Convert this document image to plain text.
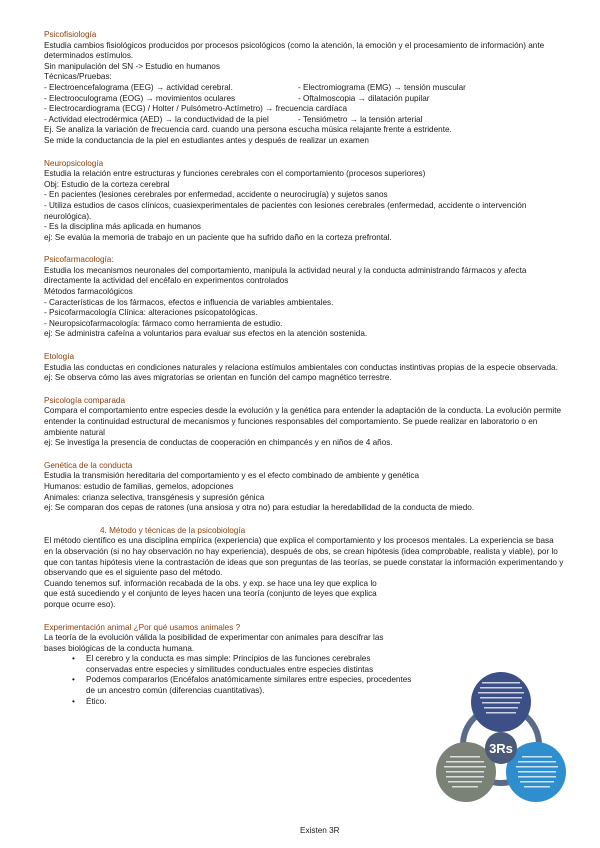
Psicofisiología
Estudia cambios fisiológicos producidos por procesos psicológicos (como la atención, la emoción y el procesamiento de información) ante determinados estímulos.
Sin manipulación del SN -> Estudio en humanos
Técnicas/Pruebas:
- Electroencefalograma (EEG) → actividad cerebral.	- Electromiograma (EMG) → tensión muscular
- Electrooculograma (EOG) → movimientos oculares	- Oftalmoscopia → dilatación pupilar
- Electrocardiograma (ECG) / Holter / Pulsómetro-Actímetro) → frecuencia cardíaca
- Actividad electrodérmica (AED) → la conductividad de la piel	- Tensiómetro → la tensión arterial
Ej. Se analiza la variación de frecuencia card. cuando una persona escucha música relajante frente a estridente.
Se mide la conductancia de la piel en estudiantes antes y después de realizar un examen
Neuropsicología
Estudia la relación entre estructuras y funciones cerebrales con el comportamiento (procesos superiores)
Obj: Estudio de la corteza cerebral
- En pacientes (lesiones cerebrales por enfermedad, accidente o neurocirugía) y sujetos sanos
- Utiliza estudios de casos clínicos, cuasiexperimentales de pacientes con lesiones cerebrales (enfermedad, accidente o intervención neurológica).
- Es la disciplina más aplicada en humanos
ej: Se evalúa la memoria de trabajo en un paciente que ha sufrido daño en la corteza prefrontal.
Psicofarmacología:
Estudia los mecanismos neuronales del comportamiento, manipula la actividad neural y la conducta administrando fármacos y afecta directamente la actividad del encéfalo en experimentos controlados
Métodos farmacológicos
- Características de los fármacos, efectos e influencia de variables ambientales.
- Psicofarmacología Clínica: alteraciones psicopatológicas.
- Neuropsicofarmacología: fármaco como herramienta de estudio.
ej: Se administra cafeína a voluntarios para evaluar sus efectos en la atención sostenida.
Etología
Estudia las conductas en condiciones naturales y relaciona estímulos ambientales con conductas instintivas propias de la especie observada.
ej: Se observa cómo las aves migratorias se orientan en función del campo magnético terrestre.
Psicología comparada
Compara el comportamiento entre especies desde la evolución y la genética para entender la adaptación de la conducta. La evolución permite entender la continuidad estructural de mecanismos y funciones responsables del comportamiento. Se puede realizar en laboratorio o en ambiente natural
ej: Se investiga la presencia de conductas de cooperación en chimpancés y en niños de 4 años.
Genética de la conducta
Estudia la transmisión hereditaria del comportamiento y es el efecto combinado de ambiente y genética
Humanos: estudio de familias, gemelos, adopciones
Animales: crianza selectiva, transgénesis y supresión génica
ej: Se comparan dos cepas de ratones (una ansiosa y otra no) para estudiar la heredabilidad de la conducta de miedo.
4. Método y técnicas de la psicobiología
El método científico es una disciplina empírica (experiencia) que explica el comportamiento y los procesos mentales. La experiencia se basa en la observación (si no hay observación no hay experiencia), después de obs, se crean hipótesis (idea comprobable, realista y viable), por lo que con tantas hipótesis viene la contrastación de ideas que son preguntas de las teorías, se puede constatar la información experimentando y observando que es el siguiente paso del método.
Cuando tenemos suf. información recabada de la obs. y exp. se hace una ley que explica lo que está sucediendo y el conjunto de leyes hacen una teoría (conjunto de leyes que explica porque ocurre eso).
Experimentación animal ¿Por qué usamos animales ?
La teoría de la evolución válida la posibilidad de experimentar con animales para descifrar las bases biológicas de la conducta humana.
• El cerebro y la conducta es mas simple: Principios de las funciones cerebrales conservadas entre especies y similitudes conductuales entre especies distintas
• Podemos compararlos (Encéfalos anatómicamente similares entre especies, procedentes de un ancestro común (diferencias cuantitativas).
• Ético.
Existen 3R
3Rs
